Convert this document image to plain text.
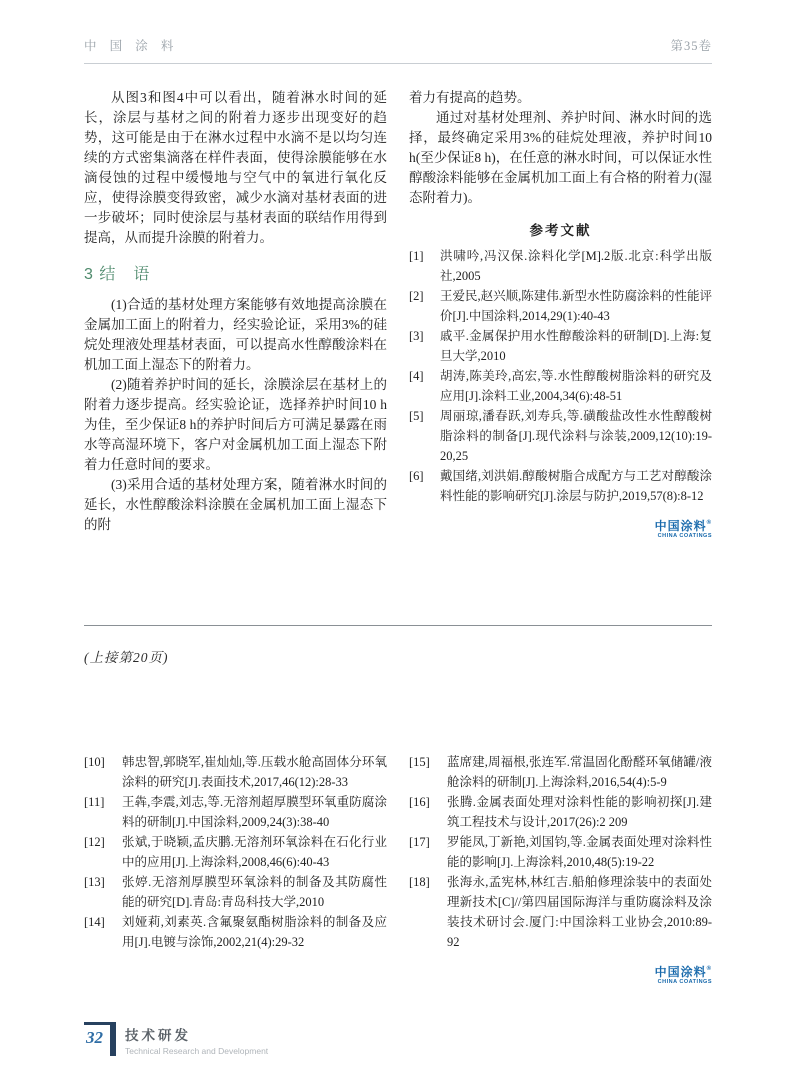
中 国 涂 料	第35卷

从图3和图4中可以看出，随着淋水时间的延长，涂层与基材之间的附着力逐步出现变好的趋势，这可能是由于在淋水过程中水滴不是以均匀连续的方式密集滴落在样件表面，使得涂膜能够在水滴侵蚀的过程中缓慢地与空气中的氧进行氧化反应，使得涂膜变得致密，减少水滴对基材表面的进一步破坏；同时使涂层与基材表面的联结作用得到提高，从而提升涂膜的附着力。

3 结　语

(1)合适的基材处理方案能够有效地提高涂膜在金属加工面上的附着力，经实验论证，采用3%的硅烷处理液处理基材表面，可以提高水性醇酸涂料在机加工面上湿态下的附着力。

(2)随着养护时间的延长，涂膜涂层在基材上的附着力逐步提高。经实验论证，选择养护时间10 h为佳，至少保证8 h的养护时间后方可满足暴露在雨水等高湿环境下，客户对金属机加工面上湿态下附着力任意时间的要求。

(3)采用合适的基材处理方案，随着淋水时间的延长，水性醇酸涂料涂膜在金属机加工面上湿态下的附

着力有提高的趋势。

通过对基材处理剂、养护时间、淋水时间的选择，最终确定采用3%的硅烷处理液，养护时间10 h(至少保证8 h)，在任意的淋水时间，可以保证水性醇酸涂料能够在金属机加工面上有合格的附着力(湿态附着力)。

参考文献
[1]	洪啸吟,冯汉保.涂料化学[M].2版.北京:科学出版社,2005
[2]	王爱民,赵兴顺,陈建伟.新型水性防腐涂料的性能评价[J].中国涂料,2014,29(1):40-43
[3]	戚平.金属保护用水性醇酸涂料的研制[D].上海:复旦大学,2010
[4]	胡涛,陈美玲,高宏,等.水性醇酸树脂涂料的研究及应用[J].涂料工业,2004,34(6):48-51
[5]	周丽琼,潘春跃,刘寿兵,等.磺酸盐改性水性醇酸树脂涂料的制备[J].现代涂料与涂装,2009,12(10):19-20,25
[6]	戴国绪,刘洪娟.醇酸树脂合成配方与工艺对醇酸涂料性能的影响研究[J].涂层与防护,2019,57(8):8-12
中国涂料®
CHINA COATINGS
(上接第20页)
[10]	韩忠智,郭晓军,崔灿灿,等.压载水舱高固体分环氧涂料的研究[J].表面技术,2017,46(12):28-33
[11]	王犇,李震,刘志,等.无溶剂超厚膜型环氧重防腐涂料的研制[J].中国涂料,2009,24(3):38-40
[12]	张斌,于晓颖,孟庆鹏.无溶剂环氧涂料在石化行业中的应用[J].上海涂料,2008,46(6):40-43
[13]	张婷.无溶剂厚膜型环氧涂料的制备及其防腐性能的研究[D].青岛:青岛科技大学,2010
[14]	刘娅莉,刘素英.含氟聚氨酯树脂涂料的制备及应用[J].电镀与涂饰,2002,21(4):29-32
[15]	蓝席建,周福根,张连军.常温固化酚醛环氧储罐/液舱涂料的研制[J].上海涂料,2016,54(4):5-9
[16]	张腾.金属表面处理对涂料性能的影响初探[J].建筑工程技术与设计,2017(26):2 209
[17]	罗能凤,丁新艳,刘国钧,等.金属表面处理对涂料性能的影响[J].上海涂料,2010,48(5):19-22
[18]	张海永,孟宪林,林红吉.船舶修理涂装中的表面处理新技术[C]//第四届国际海洋与重防腐涂料及涂装技术研讨会.厦门:中国涂料工业协会,2010:89-92
中国涂料®
CHINA COATINGS
32	技术研发
Technical Research and Development
